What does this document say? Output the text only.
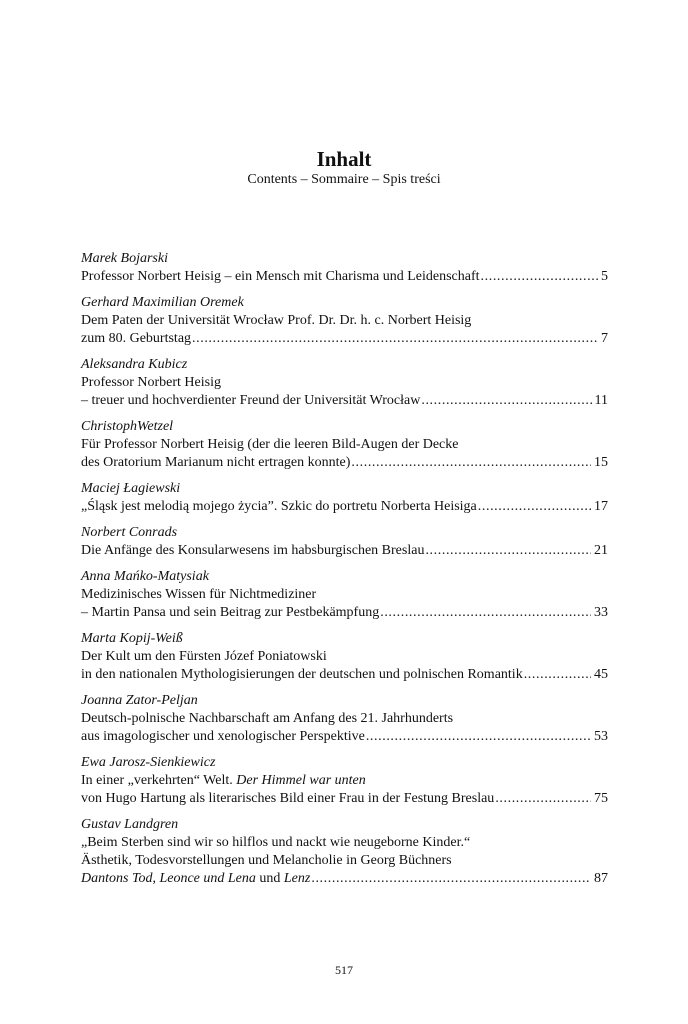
Inhalt
Contents – Sommaire – Spis treści
Marek Bojarski
Professor Norbert Heisig – ein Mensch mit Charisma und Leidenschaft .....	5
Gerhard Maximilian Oremek
Dem Paten der Universität Wrocław Prof. Dr. Dr. h. c. Norbert Heisig
zum 80. Geburtstag .....	7
Aleksandra Kubicz
Professor Norbert Heisig
– treuer und hochverdienter Freund der Universität Wrocław .....	11
ChristophWetzel
Für Professor Norbert Heisig (der die leeren Bild-Augen der Decke
des Oratorium Marianum nicht ertragen konnte) .....	15
Maciej Łagiewski
„Śląsk jest melodią mojego życia”. Szkic do portretu Norberta Heisiga .....	17
Norbert Conrads
Die Anfänge des Konsularwesens im habsburgischen Breslau .....	21
Anna Mańko-Matysiak
Medizinisches Wissen für Nichtmediziner
– Martin Pansa und sein Beitrag zur Pestbekämpfung .....	33
Marta Kopij-Weiß
Der Kult um den Fürsten Józef Poniatowski
in den nationalen Mythologisierungen der deutschen und polnischen Romantik .....	45
Joanna Zator-Peljan
Deutsch-polnische Nachbarschaft am Anfang des 21. Jahrhunderts
aus imagologischer und xenologischer Perspektive .....	53
Ewa Jarosz-Sienkiewicz
In einer „verkehrten“ Welt. Der Himmel war unten
von Hugo Hartung als literarisches Bild einer Frau in der Festung Breslau .....	75
Gustav Landgren
„Beim Sterben sind wir so hilflos und nackt wie neugeborne Kinder.“
Ästhetik, Todesvorstellungen und Melancholie in Georg Büchners
Dantons Tod, Leonce und Lena und Lenz .....	87
517
